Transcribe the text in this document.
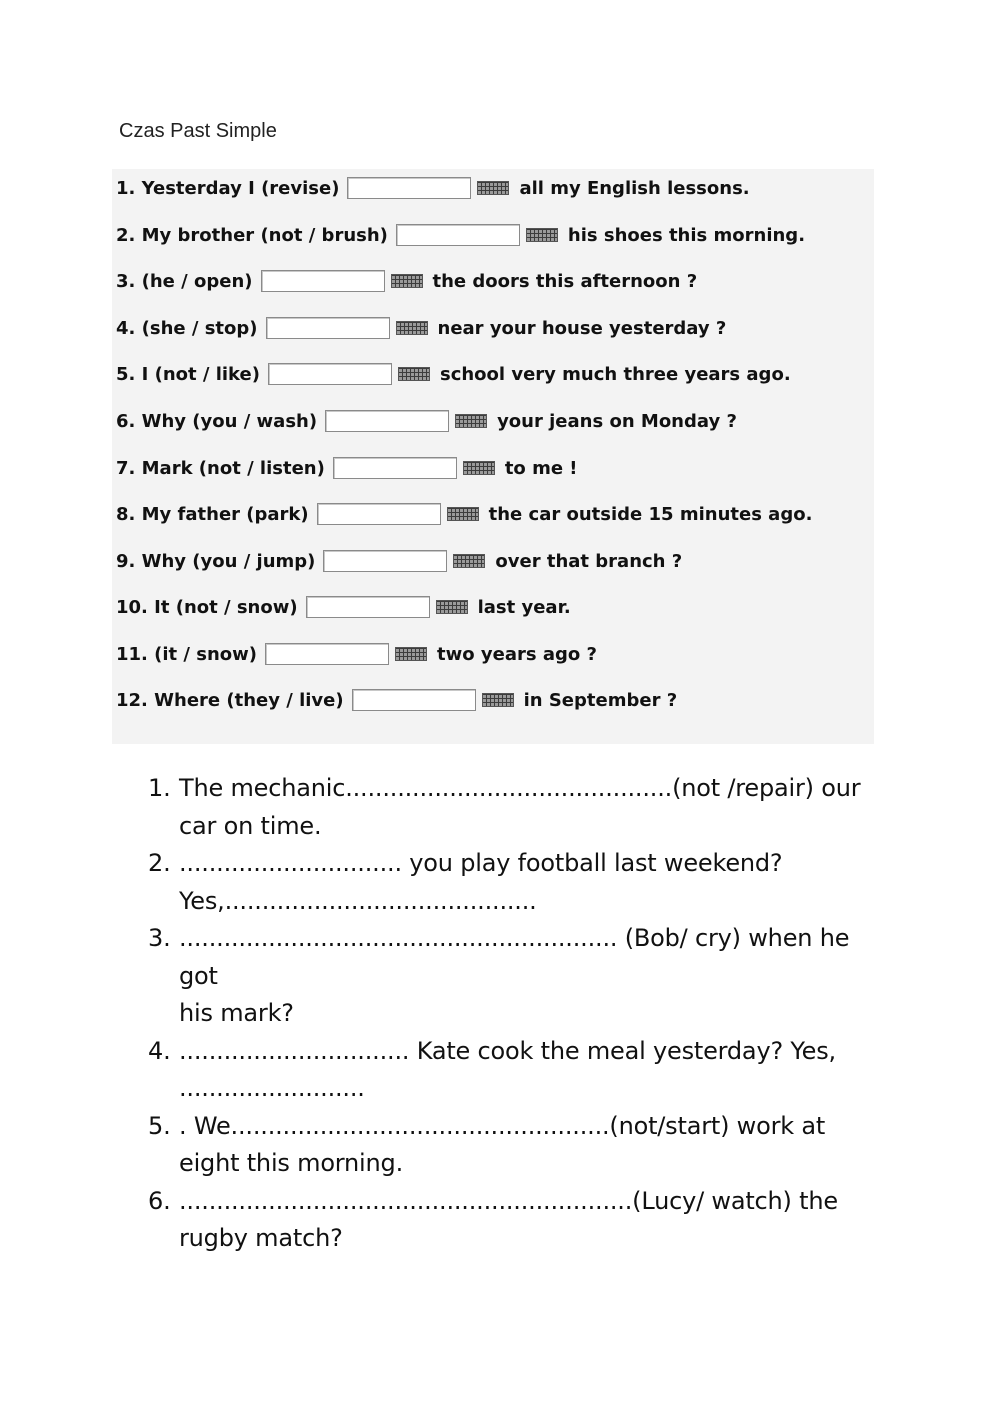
Czas Past Simple
1. Yesterday I (revise)	all my English lessons.
2. My brother (not / brush)	his shoes this morning.
3. (he / open)	the doors this afternoon ?
4. (she / stop)	near your house yesterday ?
5. I (not / like)	school very much three years ago.
6. Why (you / wash)	your jeans on Monday ?
7. Mark (not / listen)	to me !
8. My father (park)	the car outside 15 minutes ago.
9. Why (you / jump)	over that branch ?
10. It (not / snow)	last year.
11. (it / snow)	two years ago ?
12. Where (they / live)	in September ?
1. The mechanic............................................(not /repair) our
car on time.
2. .............................. you play football last weekend?
Yes,..........................................
3. ........................................................... (Bob/ cry) when he got
his mark?
4. ............................... Kate cook the meal yesterday? Yes,
.........................
5. . We...................................................(not/start) work at
eight this morning.
6. .............................................................(Lucy/ watch) the
rugby match?
